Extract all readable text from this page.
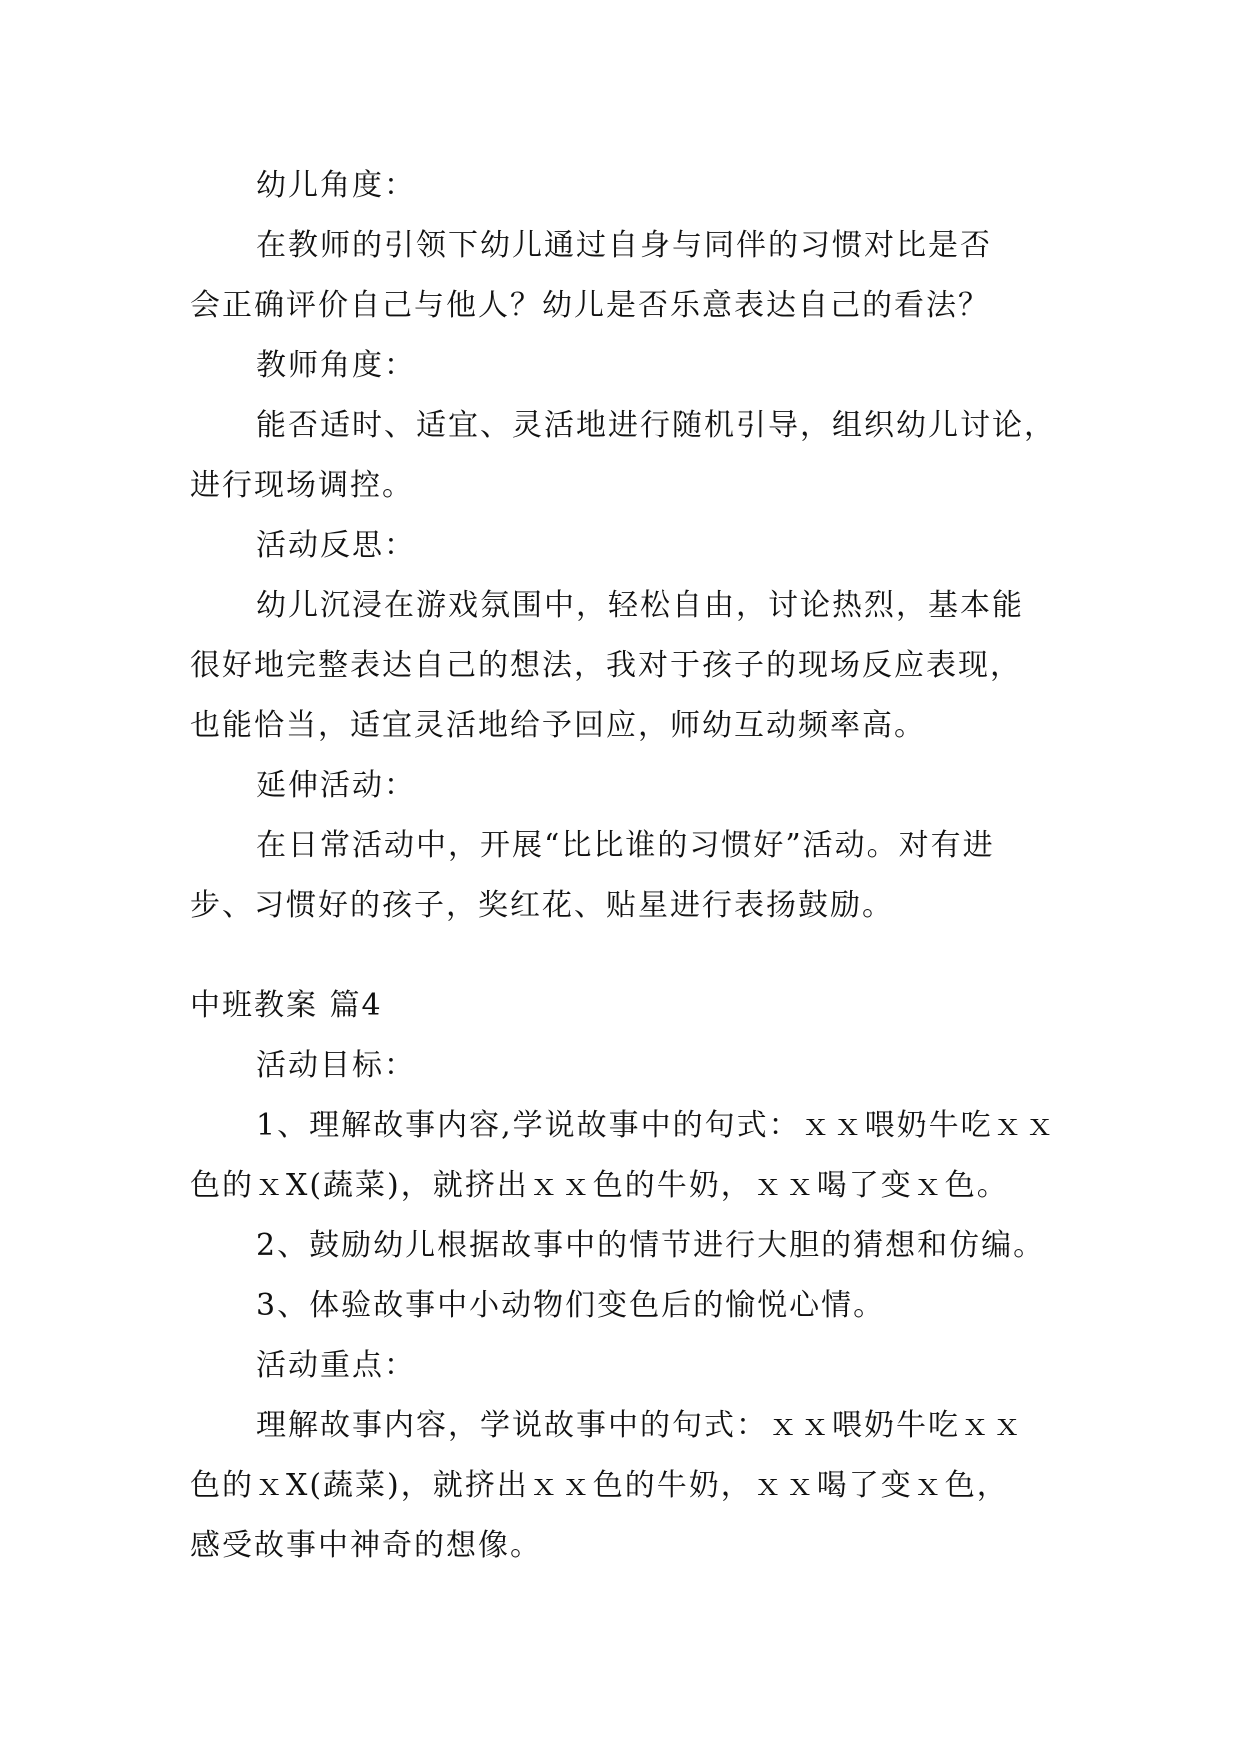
幼儿角度：
在教师的引领下幼儿通过自身与同伴的习惯对比是否
会正确评价自己与他人？幼儿是否乐意表达自己的看法？
教师角度：
能否适时、适宜、灵活地进行随机引导，组织幼儿讨论，
进行现场调控。
活动反思：
幼儿沉浸在游戏氛围中，轻松自由，讨论热烈，基本能
很好地完整表达自己的想法，我对于孩子的现场反应表现，
也能恰当，适宜灵活地给予回应，师幼互动频率高。
延伸活动：
在日常活动中，开展“比比谁的习惯好”活动。对有进
步、习惯好的孩子，奖红花、贴星进行表扬鼓励。
中班教案 篇4
活动目标：
1、理解故事内容,学说故事中的句式：ｘｘ喂奶牛吃ｘｘ
色的ｘX(蔬菜)，就挤出ｘｘ色的牛奶，ｘｘ喝了变ｘ色。
2、鼓励幼儿根据故事中的情节进行大胆的猜想和仿编。
3、体验故事中小动物们变色后的愉悦心情。
活动重点：
理解故事内容，学说故事中的句式：ｘｘ喂奶牛吃ｘｘ
色的ｘX(蔬菜)，就挤出ｘｘ色的牛奶，ｘｘ喝了变ｘ色，
感受故事中神奇的想像。
